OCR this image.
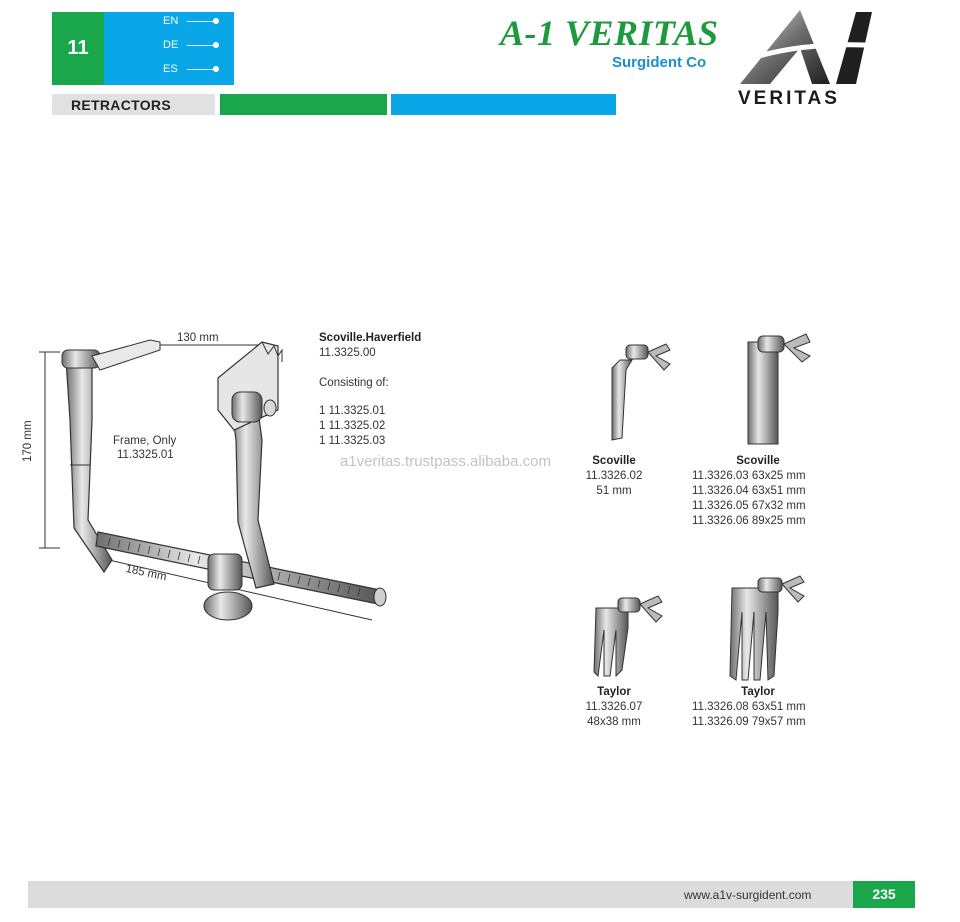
11
EN
DE
ES
RETRACTORS
A-1 VERITAS
Surgident Co
VERITAS
130 mm
170 mm
185 mm
Frame, Only
11.3325.01
Scoville.Haverfield
11.3325.00
Consisting of:
1 11.3325.01
1 11.3325.02
1 11.3325.03
Scoville
11.3326.02
51 mm
Scoville
11.3326.03 63x25 mm
11.3326.04 63x51 mm
11.3326.05 67x32 mm
11.3326.06 89x25 mm
Taylor
11.3326.07
48x38 mm
Taylor
11.3326.08 63x51 mm
11.3326.09 79x57 mm
a1veritas.trustpass.alibaba.com
www.a1v-surgident.com	235
